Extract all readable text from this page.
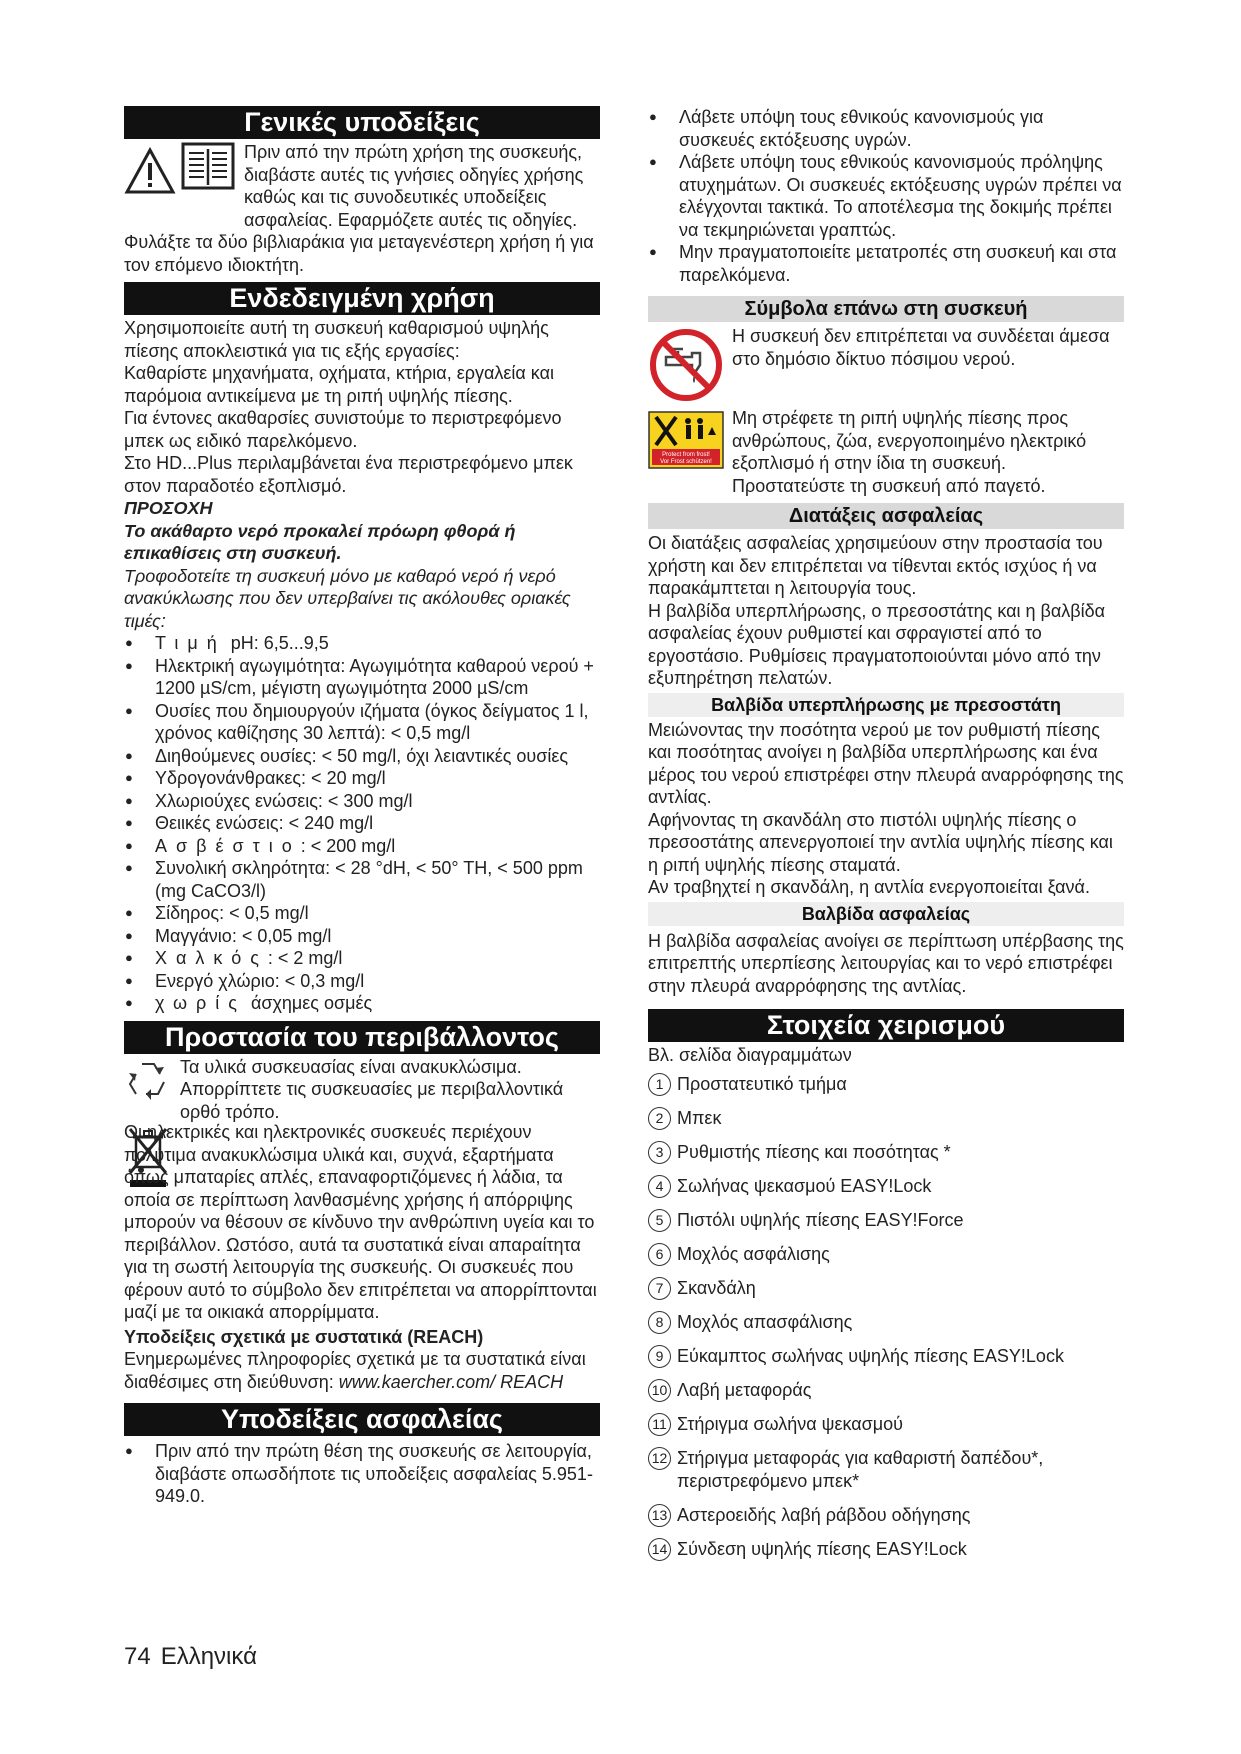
Γενικές υποδείξεις

Πριν από την πρώτη χρήση της συσκευής, διαβάστε αυτές τις γνήσιες οδηγίες χρήσης καθώς και τις συνοδευτικές υποδείξεις ασφαλείας. Εφαρμόζετε αυτές τις οδηγίες.

Φυλάξτε τα δύο βιβλιαράκια για μεταγενέστερη χρήση ή για τον επόμενο ιδιοκτήτη.

Ενδεδειγμένη χρήση

Χρησιμοποιείτε αυτή τη συσκευή καθαρισμού υψηλής πίεσης αποκλειστικά για τις εξής εργασίες:

Καθαρίστε μηχανήματα, οχήματα, κτήρια, εργαλεία και παρόμοια αντικείμενα με τη ριπή υψηλής πίεσης.

Για έντονες ακαθαρσίες συνιστούμε το περιστρεφόμενο μπεκ ως ειδικό παρελκόμενο.

Στο HD...Plus περιλαμβάνεται ένα περιστρεφόμενο μπεκ στον παραδοτέο εξοπλισμό.

ΠΡΟΣΟΧΗ

Το ακάθαρτο νερό προκαλεί πρόωρη φθορά ή επικαθίσεις στη συσκευή.

Τροφοδοτείτε τη συσκευή μόνο με καθαρό νερό ή νερό ανακύκλωσης που δεν υπερβαίνει τις ακόλουθες οριακές τιμές:

● Τιμή pH: 6,5...9,5
● Ηλεκτρική αγωγιμότητα: Αγωγιμότητα καθαρού νερού + 1200 µS/cm, μέγιστη αγωγιμότητα 2000 µS/cm
● Ουσίες που δημιουργούν ιζήματα (όγκος δείγματος 1 l, χρόνος καθίζησης 30 λεπτά): < 0,5 mg/l
● Διηθούμενες ουσίες: < 50 mg/l, όχι λειαντικές ουσίες
● Υδρογονάνθρακες: < 20 mg/l
● Χλωριούχες ενώσεις: < 300 mg/l
● Θειικές ενώσεις: < 240 mg/l
● Ασβέστιο: < 200 mg/l
● Συνολική σκληρότητα: < 28 °dH, < 50° TH, < 500 ppm (mg CaCO3/l)
● Σίδηρος: < 0,5 mg/l
● Μαγγάνιο: < 0,05 mg/l
● Χαλκός: < 2 mg/l
● Ενεργό χλώριο: < 0,3 mg/l
● χωρίς άσχημες οσμές
Προστασία του περιβάλλοντος

Τα υλικά συσκευασίας είναι ανακυκλώσιμα. Απορρίπτετε τις συσκευασίες με περιβαλλοντικά ορθό τρόπο.

Οι ηλεκτρικές και ηλεκτρονικές συσκευές περιέχουν πολύτιμα ανακυκλώσιμα υλικά και, συχνά, εξαρτήματα όπως μπαταρίες απλές, επαναφορτιζόμενες ή λάδια, τα οποία σε περίπτωση λανθασμένης χρήσης ή απόρριψης μπορούν να θέσουν σε κίνδυνο την ανθρώπινη υγεία και το περιβάλλον. Ωστόσο, αυτά τα συστατικά είναι απαραίτητα για τη σωστή λειτουργία της συσκευής. Οι συσκευές που φέρουν αυτό το σύμβολο δεν επιτρέπεται να απορρίπτονται μαζί με τα οικιακά απορρίμματα.

Υποδείξεις σχετικά με συστατικά (REACH)

Ενημερωμένες πληροφορίες σχετικά με τα συστατικά είναι διαθέσιμες στη διεύθυνση: www.kaercher.com/ REACH

Υποδείξεις ασφαλείας
● Πριν από την πρώτη θέση της συσκευής σε λειτουργία, διαβάστε οπωσδήποτε τις υποδείξεις ασφαλείας 5.951-949.0.
● Λάβετε υπόψη τους εθνικούς κανονισμούς για συσκευές εκτόξευσης υγρών.
● Λάβετε υπόψη τους εθνικούς κανονισμούς πρόληψης ατυχημάτων. Οι συσκευές εκτόξευσης υγρών πρέπει να ελέγχονται τακτικά. Το αποτέλεσμα της δοκιμής πρέπει να τεκμηριώνεται γραπτώς.
● Μην πραγματοποιείτε μετατροπές στη συσκευή και στα παρελκόμενα.
Σύμβολα επάνω στη συσκευή

Η συσκευή δεν επιτρέπεται να συνδέεται άμεσα στο δημόσιο δίκτυο πόσιμου νερού.

Protect from frost!
Vor Frost schützen!

Μη στρέφετε τη ριπή υψηλής πίεσης προς ανθρώπους, ζώα, ενεργοποιημένο ηλεκτρικό εξοπλισμό ή στην ίδια τη συσκευή.

Προστατεύστε τη συσκευή από παγετό.

Διατάξεις ασφαλείας

Οι διατάξεις ασφαλείας χρησιμεύουν στην προστασία του χρήστη και δεν επιτρέπεται να τίθενται εκτός ισχύος ή να παρακάμπτεται η λειτουργία τους.

Η βαλβίδα υπερπλήρωσης, ο πρεσοστάτης και η βαλβίδα ασφαλείας έχουν ρυθμιστεί και σφραγιστεί από το εργοστάσιο. Ρυθμίσεις πραγματοποιούνται μόνο από την εξυπηρέτηση πελατών.

Βαλβίδα υπερπλήρωσης με πρεσοστάτη

Μειώνοντας την ποσότητα νερού με τον ρυθμιστή πίεσης και ποσότητας ανοίγει η βαλβίδα υπερπλήρωσης και ένα μέρος του νερού επιστρέφει στην πλευρά αναρρόφησης της αντλίας.

Αφήνοντας τη σκανδάλη στο πιστόλι υψηλής πίεσης ο πρεσοστάτης απενεργοποιεί την αντλία υψηλής πίεσης και η ριπή υψηλής πίεσης σταματά.

Αν τραβηχτεί η σκανδάλη, η αντλία ενεργοποιείται ξανά.

Βαλβίδα ασφαλείας

Η βαλβίδα ασφαλείας ανοίγει σε περίπτωση υπέρβασης της επιτρεπτής υπερπίεσης λειτουργίας και το νερό επιστρέφει στην πλευρά αναρρόφησης της αντλίας.

Στοιχεία χειρισμού

Βλ. σελίδα διαγραμμάτων

1 Προστατευτικό τμήμα
2 Μπεκ
3 Ρυθμιστής πίεσης και ποσότητας *
4 Σωλήνας ψεκασμού EASY!Lock
5 Πιστόλι υψηλής πίεσης EASY!Force
6 Μοχλός ασφάλισης
7 Σκανδάλη
8 Μοχλός απασφάλισης
9 Εύκαμπτος σωλήνας υψηλής πίεσης EASY!Lock
10 Λαβή μεταφοράς
11 Στήριγμα σωλήνα ψεκασμού
12 Στήριγμα μεταφοράς για καθαριστή δαπέδου*, περιστρεφόμενο μπεκ*
13 Αστεροειδής λαβή ράβδου οδήγησης
14 Σύνδεση υψηλής πίεσης EASY!Lock
74 Ελληνικά
